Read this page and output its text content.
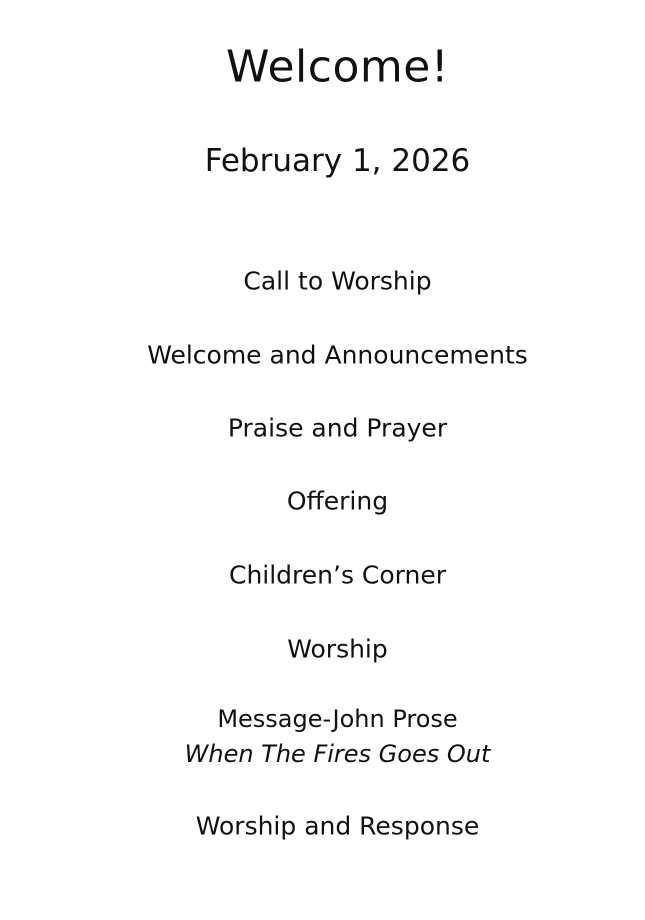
Welcome!
February 1, 2026
Call to Worship
Welcome and Announcements
Praise and Prayer
Offering
Children’s Corner
Worship
Message-John Prose
When The Fires Goes Out
Worship and Response
